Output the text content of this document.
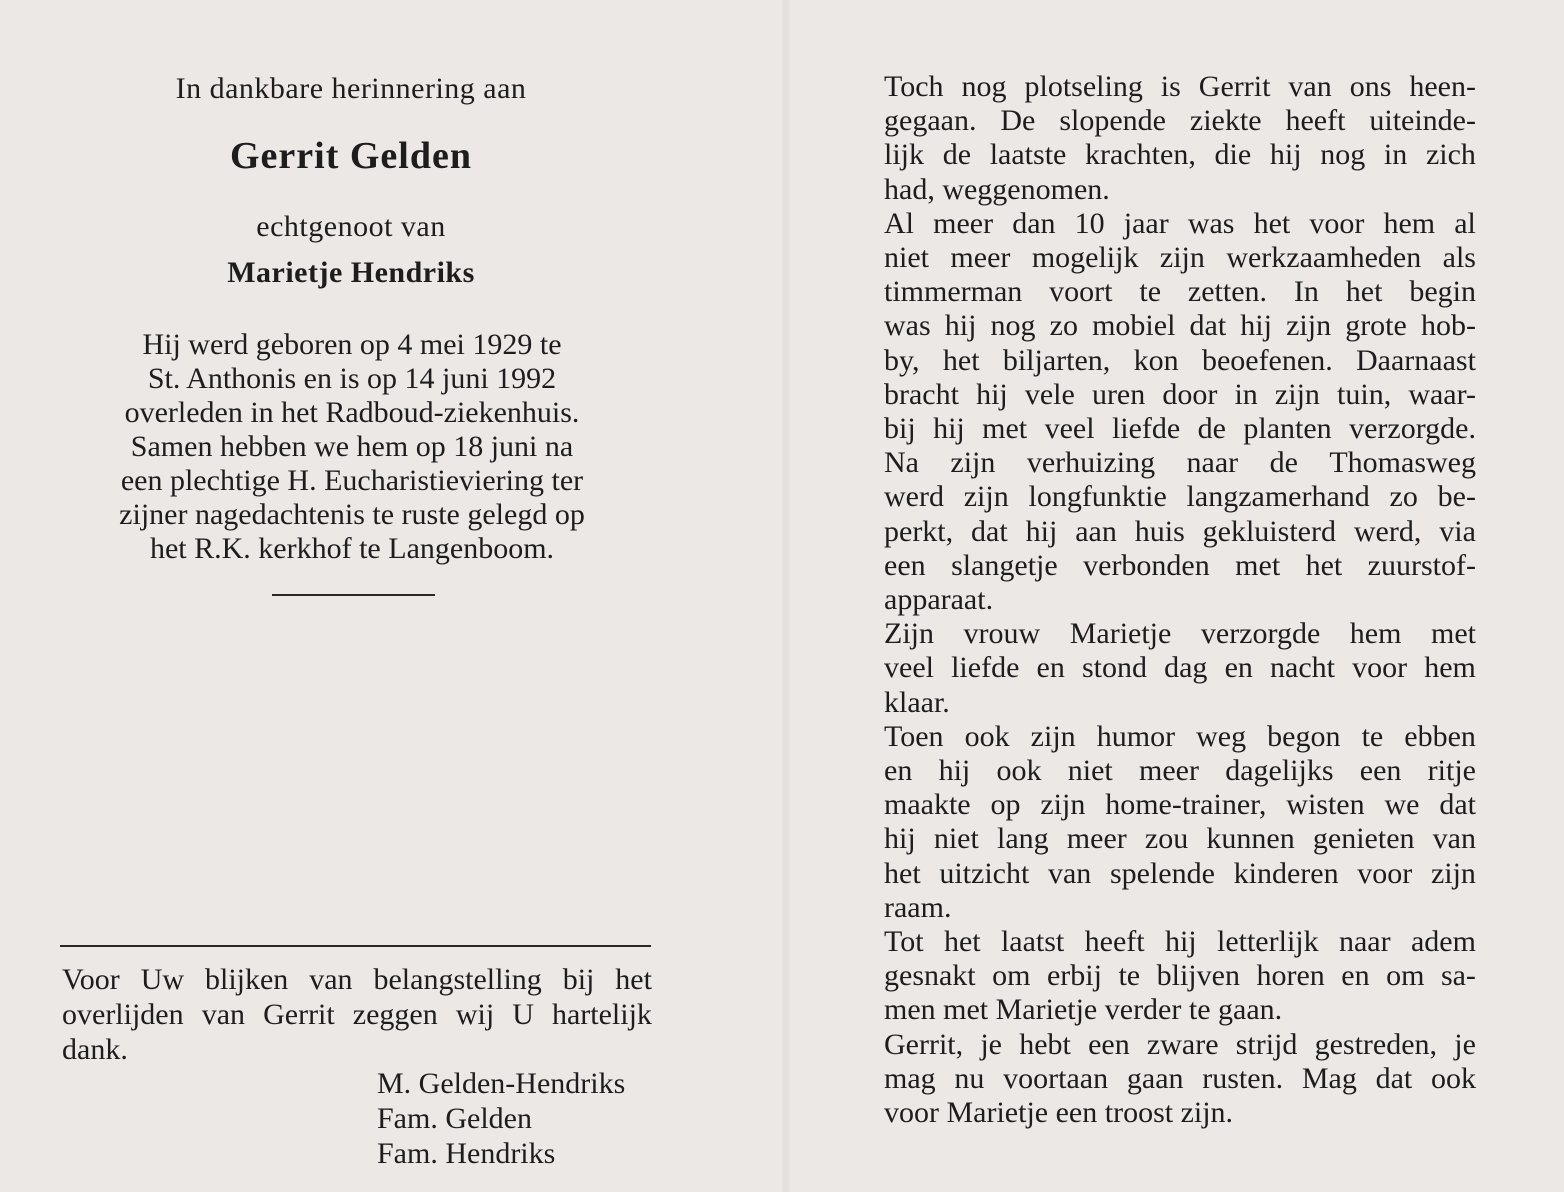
In dankbare herinnering aan
Gerrit Gelden
echtgenoot van
Marietje Hendriks
Hij werd geboren op 4 mei 1929 te
St. Anthonis en is op 14 juni 1992
overleden in het Radboud-ziekenhuis.
Samen hebben we hem op 18 juni na
een plechtige H. Eucharistieviering ter
zijner nagedachtenis te ruste gelegd op
het R.K. kerkhof te Langenboom.
Voor Uw blijken van belangstelling bij het
overlijden van Gerrit zeggen wij U hartelijk
dank.
M. Gelden-Hendriks
Fam. Gelden
Fam. Hendriks
Toch nog plotseling is Gerrit van ons heen-
gegaan. De slopende ziekte heeft uiteinde-
lijk de laatste krachten, die hij nog in zich
had, weggenomen.
Al meer dan 10 jaar was het voor hem al
niet meer mogelijk zijn werkzaamheden als
timmerman voort te zetten. In het begin
was hij nog zo mobiel dat hij zijn grote hob-
by, het biljarten, kon beoefenen. Daarnaast
bracht hij vele uren door in zijn tuin, waar-
bij hij met veel liefde de planten verzorgde.
Na zijn verhuizing naar de Thomasweg
werd zijn longfunktie langzamerhand zo be-
perkt, dat hij aan huis gekluisterd werd, via
een slangetje verbonden met het zuurstof-
apparaat.
Zijn vrouw Marietje verzorgde hem met
veel liefde en stond dag en nacht voor hem
klaar.
Toen ook zijn humor weg begon te ebben
en hij ook niet meer dagelijks een ritje
maakte op zijn home-trainer, wisten we dat
hij niet lang meer zou kunnen genieten van
het uitzicht van spelende kinderen voor zijn
raam.
Tot het laatst heeft hij letterlijk naar adem
gesnakt om erbij te blijven horen en om sa-
men met Marietje verder te gaan.
Gerrit, je hebt een zware strijd gestreden, je
mag nu voortaan gaan rusten. Mag dat ook
voor Marietje een troost zijn.
